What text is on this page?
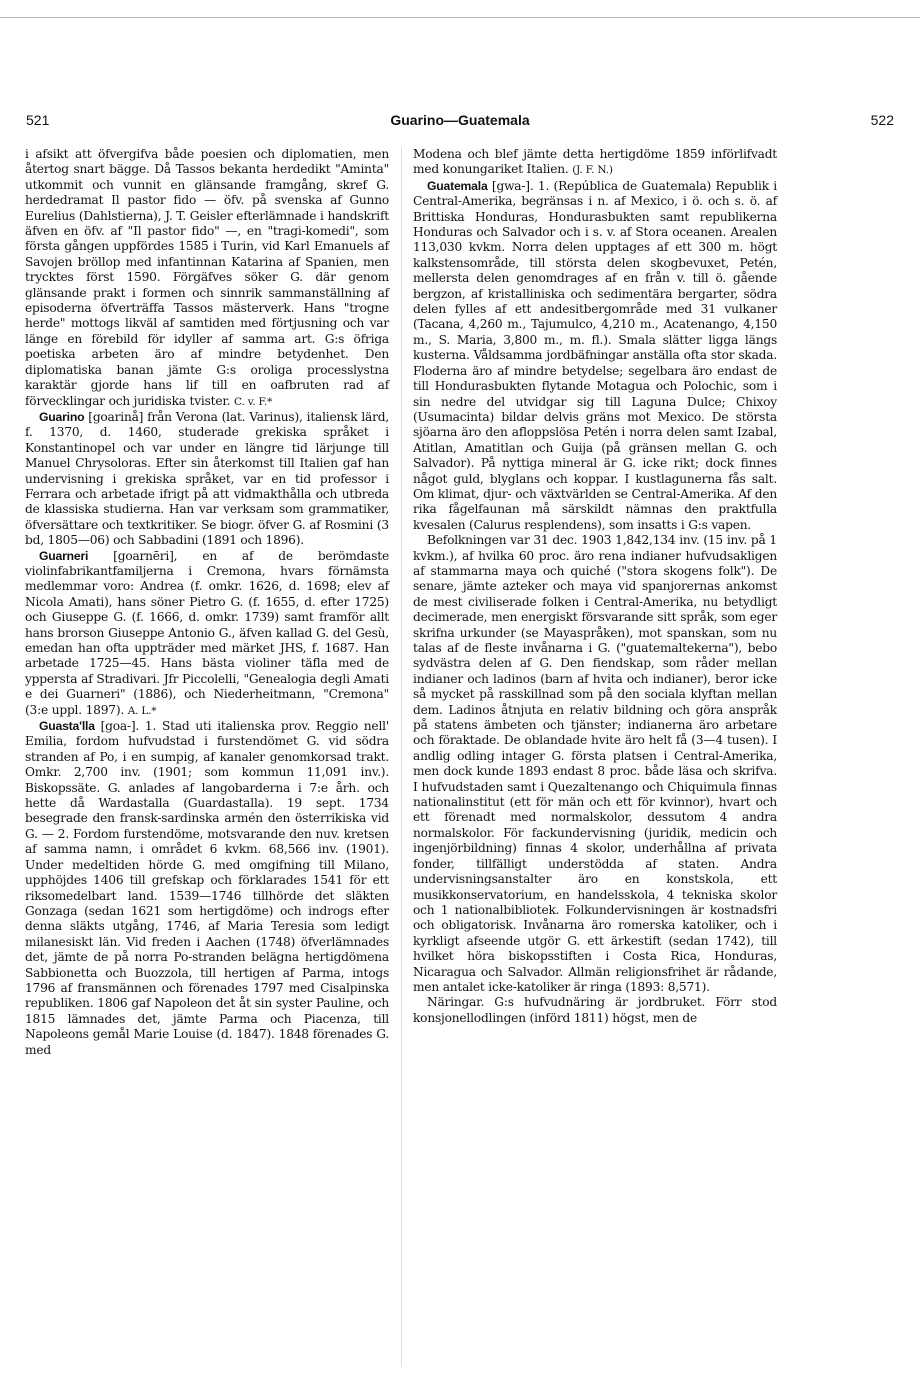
521	Guarino—Guatemala	522

i afsikt att öfvergifva både poesien och diplomatien, men återtog snart bägge. Då Tassos bekanta herdedikt "Aminta" utkommit och vunnit en glänsande framgång, skref G. herdedramat Il pastor fido — öfv. på svenska af Gunno Eurelius (Dahlstierna), J. T. Geisler efterlämnade i handskrift äfven en öfv. af "Il pastor fido" —, en "tragi-komedi", som första gången uppfördes 1585 i Turin, vid Karl Emanuels af Savojen bröllop med infantinnan Katarina af Spanien, men trycktes först 1590. Förgäfves söker G. där genom glänsande prakt i formen och sinnrik sammanställning af episoderna öfverträffa Tassos mästerverk. Hans "trogne herde" mottogs likväl af samtiden med förtjusning och var länge en förebild för idyller af samma art. G:s öfriga poetiska arbeten äro af mindre betydenhet. Den diplomatiska banan jämte G:s oroliga processlystna karaktär gjorde hans lif till en oafbruten rad af förvecklingar och juridiska tvister. C. v. F.*

Guarino [goarinå] från Verona (lat. Varinus), italiensk lärd, f. 1370, d. 1460, studerade grekiska språket i Konstantinopel och var under en längre tid lärjunge till Manuel Chrysoloras. Efter sin återkomst till Italien gaf han undervisning i grekiska språket, var en tid professor i Ferrara och arbetade ifrigt på att vidmakthålla och utbreda de klassiska studierna. Han var verksam som grammatiker, öfversättare och textkritiker. Se biogr. öfver G. af Rosmini (3 bd, 1805—06) och Sabbadini (1891 och 1896).

Guarneri [goarnēri], en af de berömdaste violinfabrikantfamiljerna i Cremona, hvars förnämsta medlemmar voro: Andrea (f. omkr. 1626, d. 1698; elev af Nicola Amati), hans söner Pietro G. (f. 1655, d. efter 1725) och Giuseppe G. (f. 1666, d. omkr. 1739) samt framför allt hans brorson Giuseppe Antonio G., äfven kallad G. del Gesù, emedan han ofta uppträder med märket JHS, f. 1687. Han arbetade 1725—45. Hans bästa violiner täfla med de yppersta af Stradivari. Jfr Piccolelli, "Genealogia degli Amati e dei Guarneri" (1886), och Niederheitmann, "Cremona" (3:e uppl. 1897). A. L.*

Guasta'lla [goa-]. 1. Stad uti italienska prov. Reggio nell' Emilia, fordom hufvudstad i furstendömet G. vid södra stranden af Po, i en sumpig, af kanaler genomkorsad trakt. Omkr. 2,700 inv. (1901; som kommun 11,091 inv.). Biskopssäte. G. anlades af langobarderna i 7:e årh. och hette då Wardastalla (Guardastalla). 19 sept. 1734 besegrade den fransk-sardinska armén den österrikiska vid G. — 2. Fordom furstendöme, motsvarande den nuv. kretsen af samma namn, i området 6 kvkm. 68,566 inv. (1901). Under medeltiden hörde G. med omgifning till Milano, upphöjdes 1406 till grefskap och förklarades 1541 för ett riksomedelbart land. 1539—1746 tillhörde det släkten Gonzaga (sedan 1621 som hertigdöme) och indrogs efter denna släkts utgång, 1746, af Maria Teresia som ledigt milanesiskt län. Vid freden i Aachen (1748) öfverlämnades det, jämte de på norra Po-stranden belägna hertigdömena Sabbionetta och Buozzola, till hertigen af Parma, intogs 1796 af fransmännen och förenades 1797 med Cisalpinska republiken. 1806 gaf Napoleon det åt sin syster Pauline, och 1815 lämnades det, jämte Parma och Piacenza, till Napoleons gemål Marie Louise (d. 1847). 1848 förenades G. med

Modena och blef jämte detta hertigdöme 1859 införlifvadt med konungariket Italien. (J. F. N.)

Guatemala [gwa-]. 1. (República de Guatemala) Republik i Central-Amerika, begränsas i n. af Mexico, i ö. och s. ö. af Brittiska Honduras, Hondurasbukten samt republikerna Honduras och Salvador och i s. v. af Stora oceanen. Arealen 113,030 kvkm. Norra delen upptages af ett 300 m. högt kalkstensområde, till största delen skogbevuxet, Petén, mellersta delen genomdrages af en från v. till ö. gående bergzon, af kristalliniska och sedimentära bergarter, södra delen fylles af ett andesitbergområde med 31 vulkaner (Tacana, 4,260 m., Tajumulco, 4,210 m., Acatenango, 4,150 m., S. Maria, 3,800 m., m. fl.). Smala slätter ligga längs kusterna. Våldsamma jordbäfningar anställa ofta stor skada. Floderna äro af mindre betydelse; segelbara äro endast de till Hondurasbukten flytande Motagua och Polochic, som i sin nedre del utvidgar sig till Laguna Dulce; Chixoy (Usumacinta) bildar delvis gräns mot Mexico. De största sjöarna äro den afloppslösa Petén i norra delen samt Izabal, Atitlan, Amatitlan och Guija (på gränsen mellan G. och Salvador). På nyttiga mineral är G. icke rikt; dock finnes något guld, blyglans och koppar. I kustlagunerna fås salt. Om klimat, djur- och växtvärlden se Central-Amerika. Af den rika fågelfaunan må särskildt nämnas den praktfulla kvesalen (Calurus resplendens), som insatts i G:s vapen.

Befolkningen var 31 dec. 1903 1,842,134 inv. (15 inv. på 1 kvkm.), af hvilka 60 proc. äro rena indianer hufvudsakligen af stammarna maya och quiché ("stora skogens folk"). De senare, jämte azteker och maya vid spanjorernas ankomst de mest civiliserade folken i Central-Amerika, nu betydligt decimerade, men energiskt försvarande sitt språk, som eger skrifna urkunder (se Mayaspråken), mot spanskan, som nu talas af de fleste invånarna i G. ("guatemaltekerna"), bebo sydvästra delen af G. Den fiendskap, som råder mellan indianer och ladinos (barn af hvita och indianer), beror icke så mycket på rasskillnad som på den sociala klyftan mellan dem. Ladinos åtnjuta en relativ bildning och göra anspråk på statens ämbeten och tjänster; indianerna äro arbetare och föraktade. De oblandade hvite äro helt få (3—4 tusen). I andlig odling intager G. första platsen i Central-Amerika, men dock kunde 1893 endast 8 proc. både läsa och skrifva. I hufvudstaden samt i Quezaltenango och Chiquimula finnas nationalinstitut (ett för män och ett för kvinnor), hvart och ett förenadt med normalskolor, dessutom 4 andra normalskolor. För fackundervisning (juridik, medicin och ingenjörbildning) finnas 4 skolor, underhållna af privata fonder, tillfälligt understödda af staten. Andra undervisningsanstalter äro en konstskola, ett musikkonservatorium, en handelsskola, 4 tekniska skolor och 1 nationalbibliotek. Folkundervisningen är kostnadsfri och obligatorisk. Invånarna äro romerska katoliker, och i kyrkligt afseende utgör G. ett ärkestift (sedan 1742), till hvilket höra biskopsstiften i Costa Rica, Honduras, Nicaragua och Salvador. Allmän religionsfrihet är rådande, men antalet icke-katoliker är ringa (1893: 8,571).

Näringar. G:s hufvudnäring är jordbruket. Förr stod konsjonellodlingen (införd 1811) högst, men de
